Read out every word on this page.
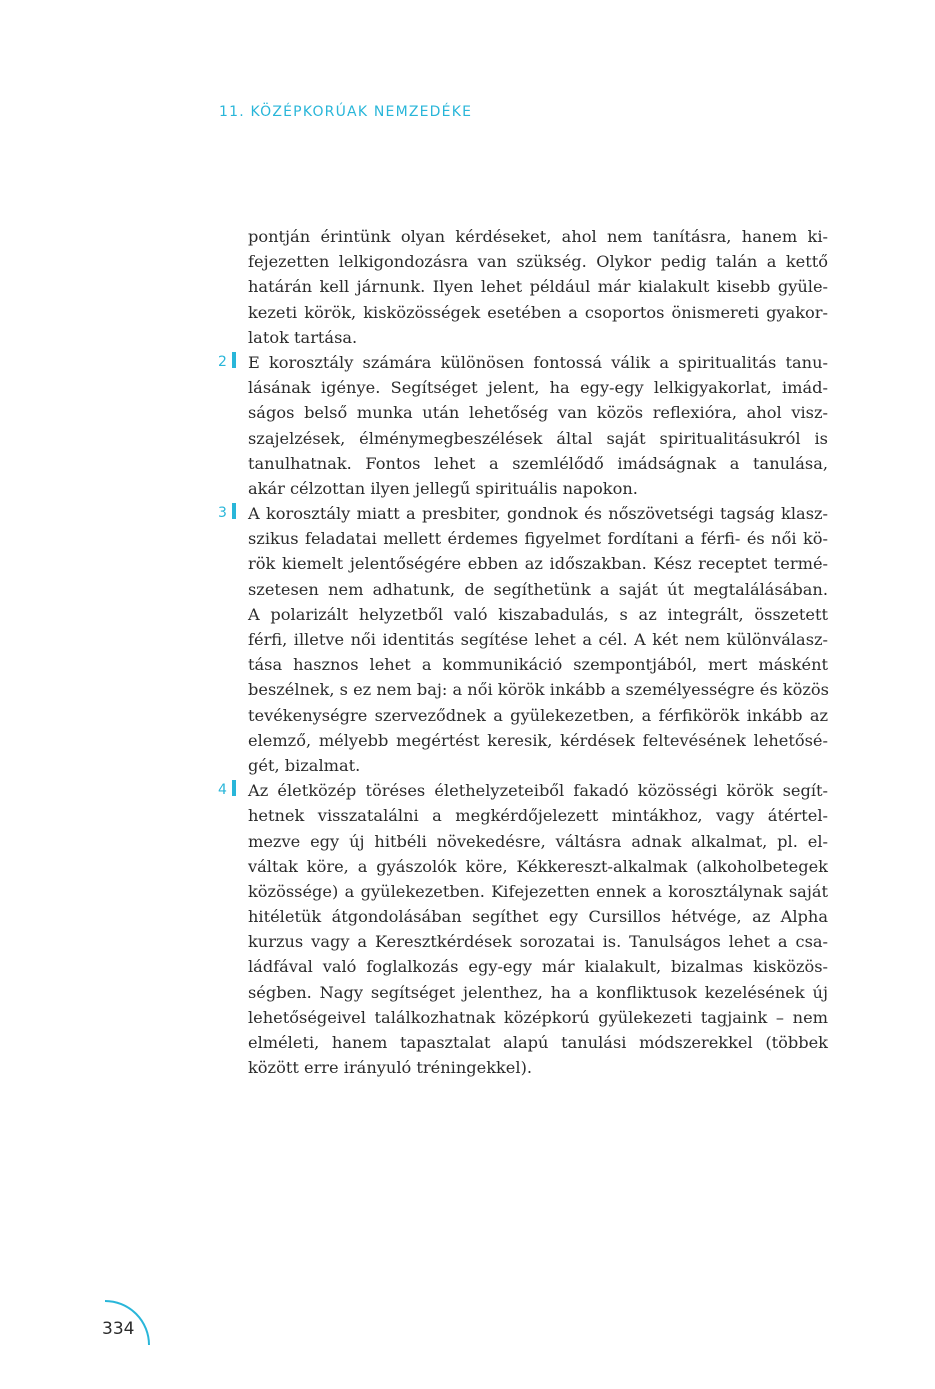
11. KÖZÉPKORÚAK NEMZEDÉKE
pontján érintünk olyan kérdéseket, ahol nem tanításra, hanem ki-
fejezetten lelkigondozásra van szükség. Olykor pedig talán a kettő
határán kell járnunk. Ilyen lehet például már kialakult kisebb gyüle-
kezeti körök, kisközösségek esetében a csoportos önismereti gyakor-
latok tartása.
2	E korosztály számára különösen fontossá válik a spiritualitás tanu-
lásának igénye. Segítséget jelent, ha egy-egy lelkigyakorlat, imád-
ságos belső munka után lehetőség van közös reflexióra, ahol visz-
szajelzések, élménymegbeszélések által saját spiritualitásukról is
tanulhatnak. Fontos lehet a szemlélődő imádságnak a tanulása,
akár célzottan ilyen jellegű spirituális napokon.
3	A korosztály miatt a presbiter, gondnok és nőszövetségi tagság klasz-
szikus feladatai mellett érdemes figyelmet fordítani a férfi- és női kö-
rök kiemelt jelentőségére ebben az időszakban. Kész receptet termé-
szetesen nem adhatunk, de segíthetünk a saját út megtalálásában.
A polarizált helyzetből való kiszabadulás, s az integrált, összetett
férfi, illetve női identitás segítése lehet a cél. A két nem különválasz-
tása hasznos lehet a kommunikáció szempontjából, mert másként
beszélnek, s ez nem baj: a női körök inkább a személyességre és közös
tevékenységre szerveződnek a gyülekezetben, a férfikörök inkább az
elemző, mélyebb megértést keresik, kérdések feltevésének lehetősé-
gét, bizalmat.
4	Az életközép töréses élethelyzeteiből fakadó közösségi körök segít-
hetnek visszatalálni a megkérdőjelezett mintákhoz, vagy átértel-
mezve egy új hitbéli növekedésre, váltásra adnak alkalmat, pl. el-
váltak köre, a gyászolók köre, Kékkereszt-alkalmak (alkoholbetegek
közössége) a gyülekezetben. Kifejezetten ennek a korosztálynak saját
hitéletük átgondolásában segíthet egy Cursillos hétvége, az Alpha
kurzus vagy a Keresztkérdések sorozatai is. Tanulságos lehet a csa-
ládfával való foglalkozás egy-egy már kialakult, bizalmas kisközös-
ségben. Nagy segítséget jelenthez, ha a konfliktusok kezelésének új
lehetőségeivel találkozhatnak középkorú gyülekezeti tagjaink – nem
elméleti, hanem tapasztalat alapú tanulási módszerekkel (többek
között erre irányuló tréningekkel).
334
